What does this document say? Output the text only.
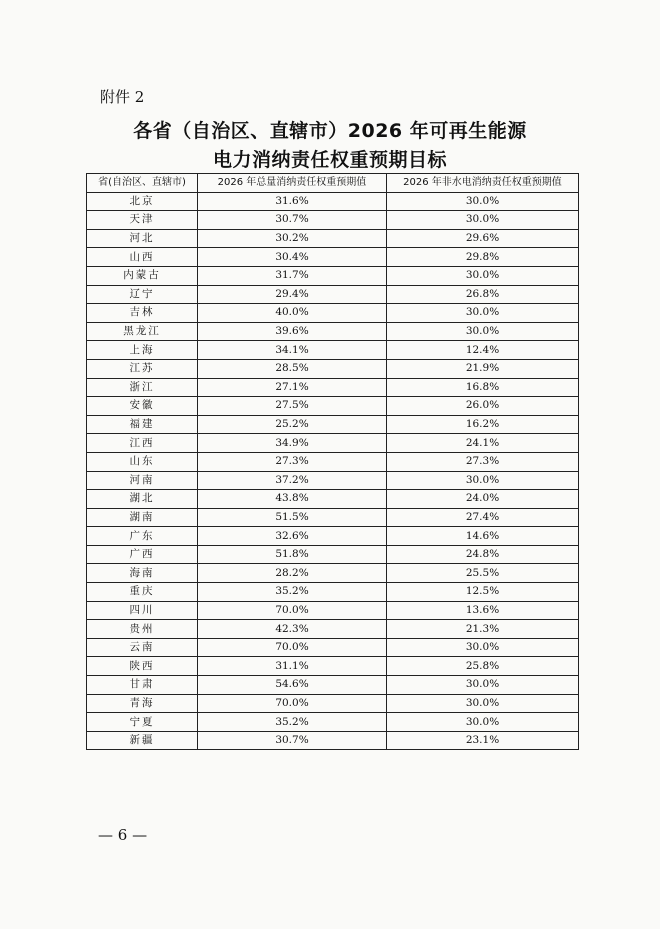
附件 2
各省（自治区、直辖市）2026 年可再生能源
电力消纳责任权重预期目标
省(自治区、直辖市)	2026 年总量消纳责任权重预期值	2026 年非水电消纳责任权重预期值
北京	31.6%	30.0%
天津	30.7%	30.0%
河北	30.2%	29.6%
山西	30.4%	29.8%
内蒙古	31.7%	30.0%
辽宁	29.4%	26.8%
吉林	40.0%	30.0%
黑龙江	39.6%	30.0%
上海	34.1%	12.4%
江苏	28.5%	21.9%
浙江	27.1%	16.8%
安徽	27.5%	26.0%
福建	25.2%	16.2%
江西	34.9%	24.1%
山东	27.3%	27.3%
河南	37.2%	30.0%
湖北	43.8%	24.0%
湖南	51.5%	27.4%
广东	32.6%	14.6%
广西	51.8%	24.8%
海南	28.2%	25.5%
重庆	35.2%	12.5%
四川	70.0%	13.6%
贵州	42.3%	21.3%
云南	70.0%	30.0%
陕西	31.1%	25.8%
甘肃	54.6%	30.0%
青海	70.0%	30.0%
宁夏	35.2%	30.0%
新疆	30.7%	23.1%
— 6 —
